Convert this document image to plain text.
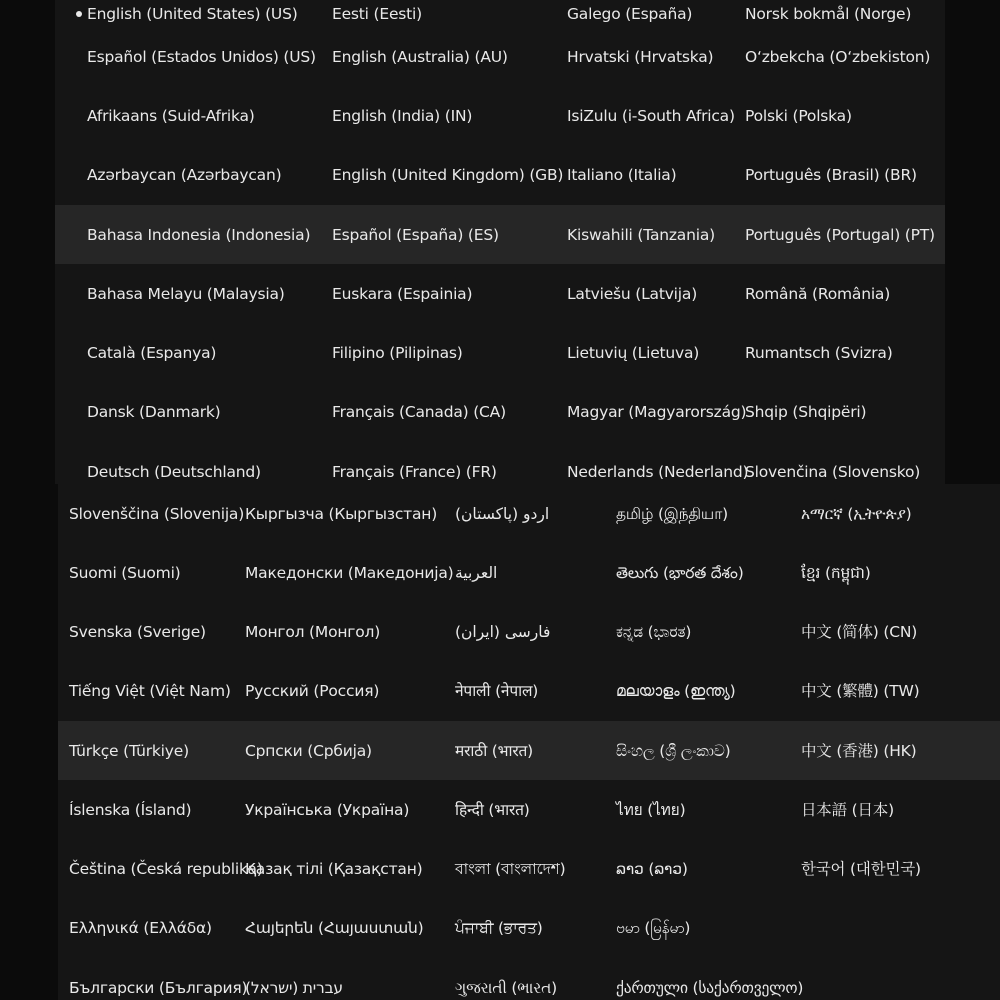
English (United States) (US)
Español (Estados Unidos) (US)
Afrikaans (Suid-Afrika)
Azərbaycan (Azərbaycan)
Bahasa Indonesia (Indonesia)
Bahasa Melayu (Malaysia)
Català (Espanya)
Dansk (Danmark)
Deutsch (Deutschland)
Eesti (Eesti)
English (Australia) (AU)
English (India) (IN)
English (United Kingdom) (GB)
Español (España) (ES)
Euskara (Espainia)
Filipino (Pilipinas)
Français (Canada) (CA)
Français (France) (FR)
Galego (España)
Hrvatski (Hrvatska)
IsiZulu (i-South Africa)
Italiano (Italia)
Kiswahili (Tanzania)
Latviešu (Latvija)
Lietuvių (Lietuva)
Magyar (Magyarország)
Nederlands (Nederland)
Norsk bokmål (Norge)
O‘zbekcha (O‘zbekiston)
Polski (Polska)
Português (Brasil) (BR)
Português (Portugal) (PT)
Română (România)
Rumantsch (Svizra)
Shqip (Shqipëri)
Slovenčina (Slovensko)
Slovenščina (Slovenija)
Suomi (Suomi)
Svenska (Sverige)
Tiếng Việt (Việt Nam)
Türkçe (Türkiye)
Íslenska (Ísland)
Čeština (Česká republika)
Ελληνικά (Ελλάδα)
Български (България)
Кыргызча (Кыргызстан)
Македонски (Македонија)
Монгол (Монгол)
Русский (Россия)
Српски (Србија)
Українська (Україна)
Қазақ тілі (Қазақстан)
Հայերեն (Հայաստան)
עברית (ישראל)
اردو (پاکستان)
العربية
فارسی (ایران)
नेपाली (नेपाल)
मराठी (भारत)
हिन्दी (भारत)
বাংলা (বাংলাদেশ)
ਪੰਜਾਬੀ (ਭਾਰਤ)
ગુજરાતી (ભારત)
தமிழ் (இந்தியா)
తెలుగు (భారత దేశం)
ಕನ್ನಡ (ಭಾರತ)
മലയാളം (ഇന്ത്യ)
සිංහල (ශ්‍රී ලංකාව)
ไทย (ไทย)
ລາວ (ລາວ)
ဗမာ (မြန်မာ)
ქართული (საქართველო)
አማርኛ (ኢትዮጵያ)
ខ្មែរ (កម្ពុជា)
中文 (简体) (CN)
中文 (繁體) (TW)
中文 (香港) (HK)
日本語 (日本)
한국어 (대한민국)
